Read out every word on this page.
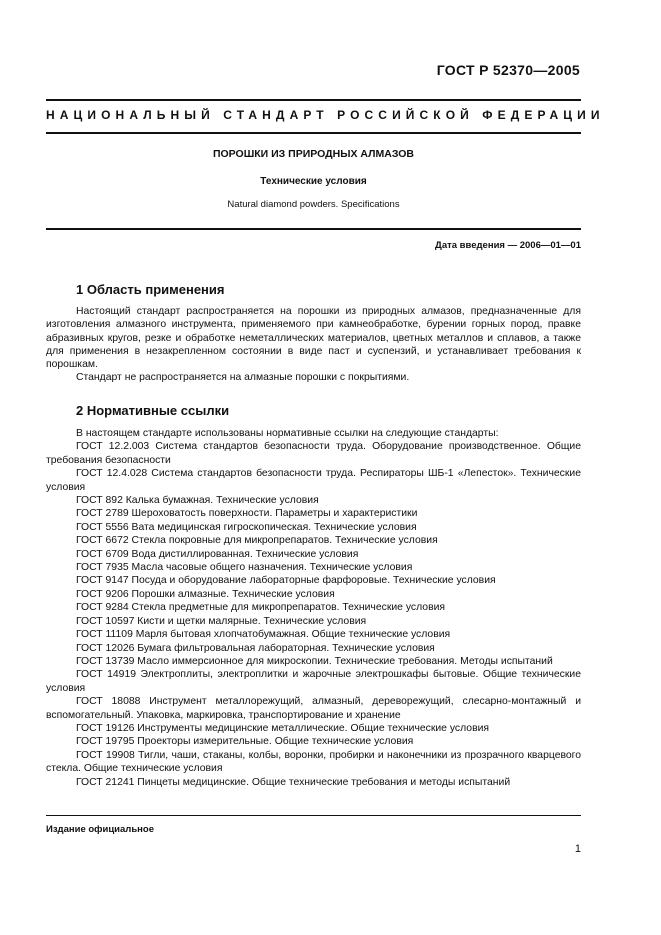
ГОСТ Р 52370—2005
НАЦИОНАЛЬНЫЙ СТАНДАРТ РОССИЙСКОЙ ФЕДЕРАЦИИ
ПОРОШКИ ИЗ ПРИРОДНЫХ АЛМАЗОВ
Технические условия
Natural diamond powders. Specifications
Дата введения — 2006—01—01
1 Область применения

Настоящий стандарт распространяется на порошки из природных алмазов, предназначенные для изготовления алмазного инструмента, применяемого при камнеобработке, бурении горных пород, правке абразивных кругов, резке и обработке неметаллических материалов, цветных металлов и сплавов, а также для применения в незакрепленном состоянии в виде паст и суспензий, и устанавливает требования к порошкам.

Стандарт не распространяется на алмазные порошки с покрытиями.

2 Нормативные ссылки

В настоящем стандарте использованы нормативные ссылки на следующие стандарты:

ГОСТ 12.2.003 Система стандартов безопасности труда. Оборудование производственное. Общие требования безопасности

ГОСТ 12.4.028 Система стандартов безопасности труда. Респираторы ШБ-1 «Лепесток». Технические условия

ГОСТ 892 Калька бумажная. Технические условия

ГОСТ 2789 Шероховатость поверхности. Параметры и характеристики

ГОСТ 5556 Вата медицинская гигроскопическая. Технические условия

ГОСТ 6672 Стекла покровные для микропрепаратов. Технические условия

ГОСТ 6709 Вода дистиллированная. Технические условия

ГОСТ 7935 Масла часовые общего назначения. Технические условия

ГОСТ 9147 Посуда и оборудование лабораторные фарфоровые. Технические условия

ГОСТ 9206 Порошки алмазные. Технические условия

ГОСТ 9284 Стекла предметные для микропрепаратов. Технические условия

ГОСТ 10597 Кисти и щетки малярные. Технические условия

ГОСТ 11109 Марля бытовая хлопчатобумажная. Общие технические условия

ГОСТ 12026 Бумага фильтровальная лабораторная. Технические условия

ГОСТ 13739 Масло иммерсионное для микроскопии. Технические требования. Методы испытаний

ГОСТ 14919 Электроплиты, электроплитки и жарочные электрошкафы бытовые. Общие технические условия

ГОСТ 18088 Инструмент металлорежущий, алмазный, дереворежущий, слесарно-монтажный и вспомогательный. Упаковка, маркировка, транспортирование и хранение

ГОСТ 19126 Инструменты медицинские металлические. Общие технические условия

ГОСТ 19795 Проекторы измерительные. Общие технические условия

ГОСТ 19908 Тигли, чаши, стаканы, колбы, воронки, пробирки и наконечники из прозрачного кварцевого стекла. Общие технические условия

ГОСТ 21241 Пинцеты медицинские. Общие технические требования и методы испытаний

Издание официальное
1
